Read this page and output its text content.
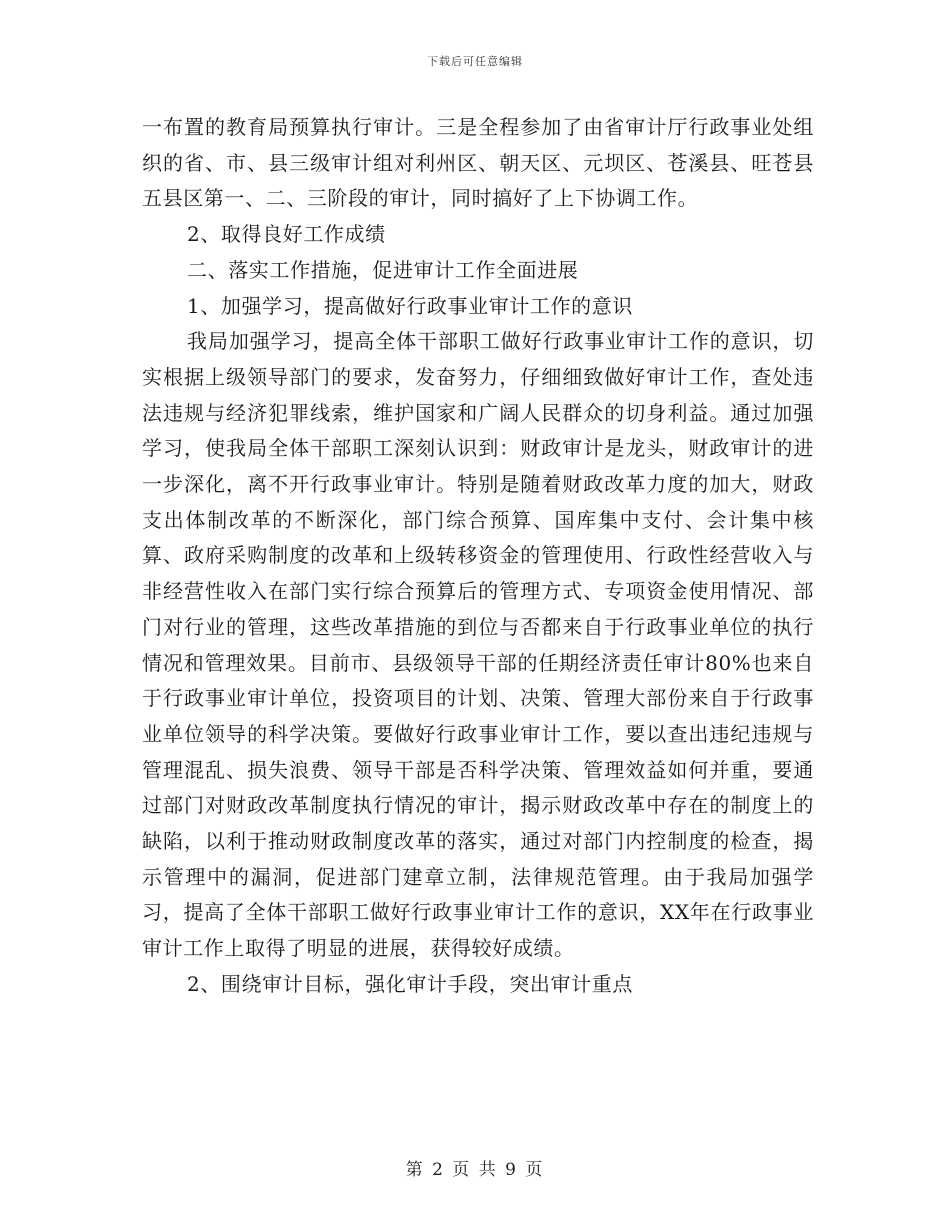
下载后可任意编辑

一布置的教育局预算执行审计。三是全程参加了由省审计厅行政事业处组织的省、市、县三级审计组对利州区、朝天区、元坝区、苍溪县、旺苍县五县区第一、二、三阶段的审计，同时搞好了上下协调工作。

2、取得良好工作成绩

二、落实工作措施，促进审计工作全面进展

1、加强学习，提高做好行政事业审计工作的意识

我局加强学习，提高全体干部职工做好行政事业审计工作的意识，切实根据上级领导部门的要求，发奋努力，仔细细致做好审计工作，查处违法违规与经济犯罪线索，维护国家和广阔人民群众的切身利益。通过加强学习，使我局全体干部职工深刻认识到：财政审计是龙头，财政审计的进一步深化，离不开行政事业审计。特别是随着财政改革力度的加大，财政支出体制改革的不断深化，部门综合预算、国库集中支付、会计集中核算、政府采购制度的改革和上级转移资金的管理使用、行政性经营收入与非经营性收入在部门实行综合预算后的管理方式、专项资金使用情况、部门对行业的管理，这些改革措施的到位与否都来自于行政事业单位的执行情况和管理效果。目前市、县级领导干部的任期经济责任审计80%也来自于行政事业审计单位，投资项目的计划、决策、管理大部份来自于行政事业单位领导的科学决策。要做好行政事业审计工作，要以查出违纪违规与管理混乱、损失浪费、领导干部是否科学决策、管理效益如何并重，要通过部门对财政改革制度执行情况的审计，揭示财政改革中存在的制度上的缺陷，以利于推动财政制度改革的落实，通过对部门内控制度的检查，揭示管理中的漏洞，促进部门建章立制，法律规范管理。由于我局加强学习，提高了全体干部职工做好行政事业审计工作的意识，XX年在行政事业审计工作上取得了明显的进展，获得较好成绩。

2、围绕审计目标，强化审计手段，突出审计重点

第 2 页 共 9 页
